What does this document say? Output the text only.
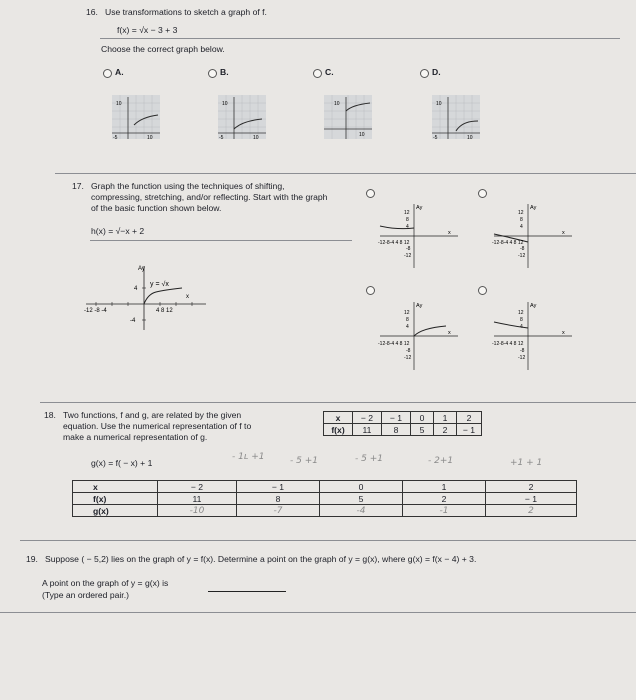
16. Use transformations to sketch a graph of f.
f(x) = √x − 3 + 3
Choose the correct graph below.
A.	B.	C.	D.
10
-5	10
10
-5	10
10
10
10
-5	10
17. Graph the function using the techniques of shifting,
compressing, stretching, and/or reflecting. Start with the graph
of the basic function shown below.
h(x) = √−x + 2
Ay
x
y = √x
4
-4
-12 -8 -4	4 8 12
Ay
x
12
8
4
-8
-12
-12-8-4 4 8 12
Ay
x
12
8
4
-8
-12
-12-8-4 4 8 12
Ay
x
12
8
4
-8
-12
-12-8-4 4 8 12
Ay
x
12
8
4
-8
-12
-12-8-4 4 8 12
18. Two functions, f and g, are related by the given
equation. Use the numerical representation of f to
make a numerical representation of g.
x	− 2	− 1	0	1	2
f(x)	11	8	5	2	− 1
g(x) = f( − x) + 1
- 1ʟ +1	- 5 +1	- 5 +1	- 2+1	+1 + 1
x	− 2	− 1	0	1	2
f(x)	11	8	5	2	− 1
g(x)	-10	-7	-4	-1	2
19. Suppose ( − 5,2) lies on the graph of y = f(x). Determine a point on the graph of y = g(x), where g(x) = f(x − 4) + 3.
A point on the graph of y = g(x) is
(Type an ordered pair.)
